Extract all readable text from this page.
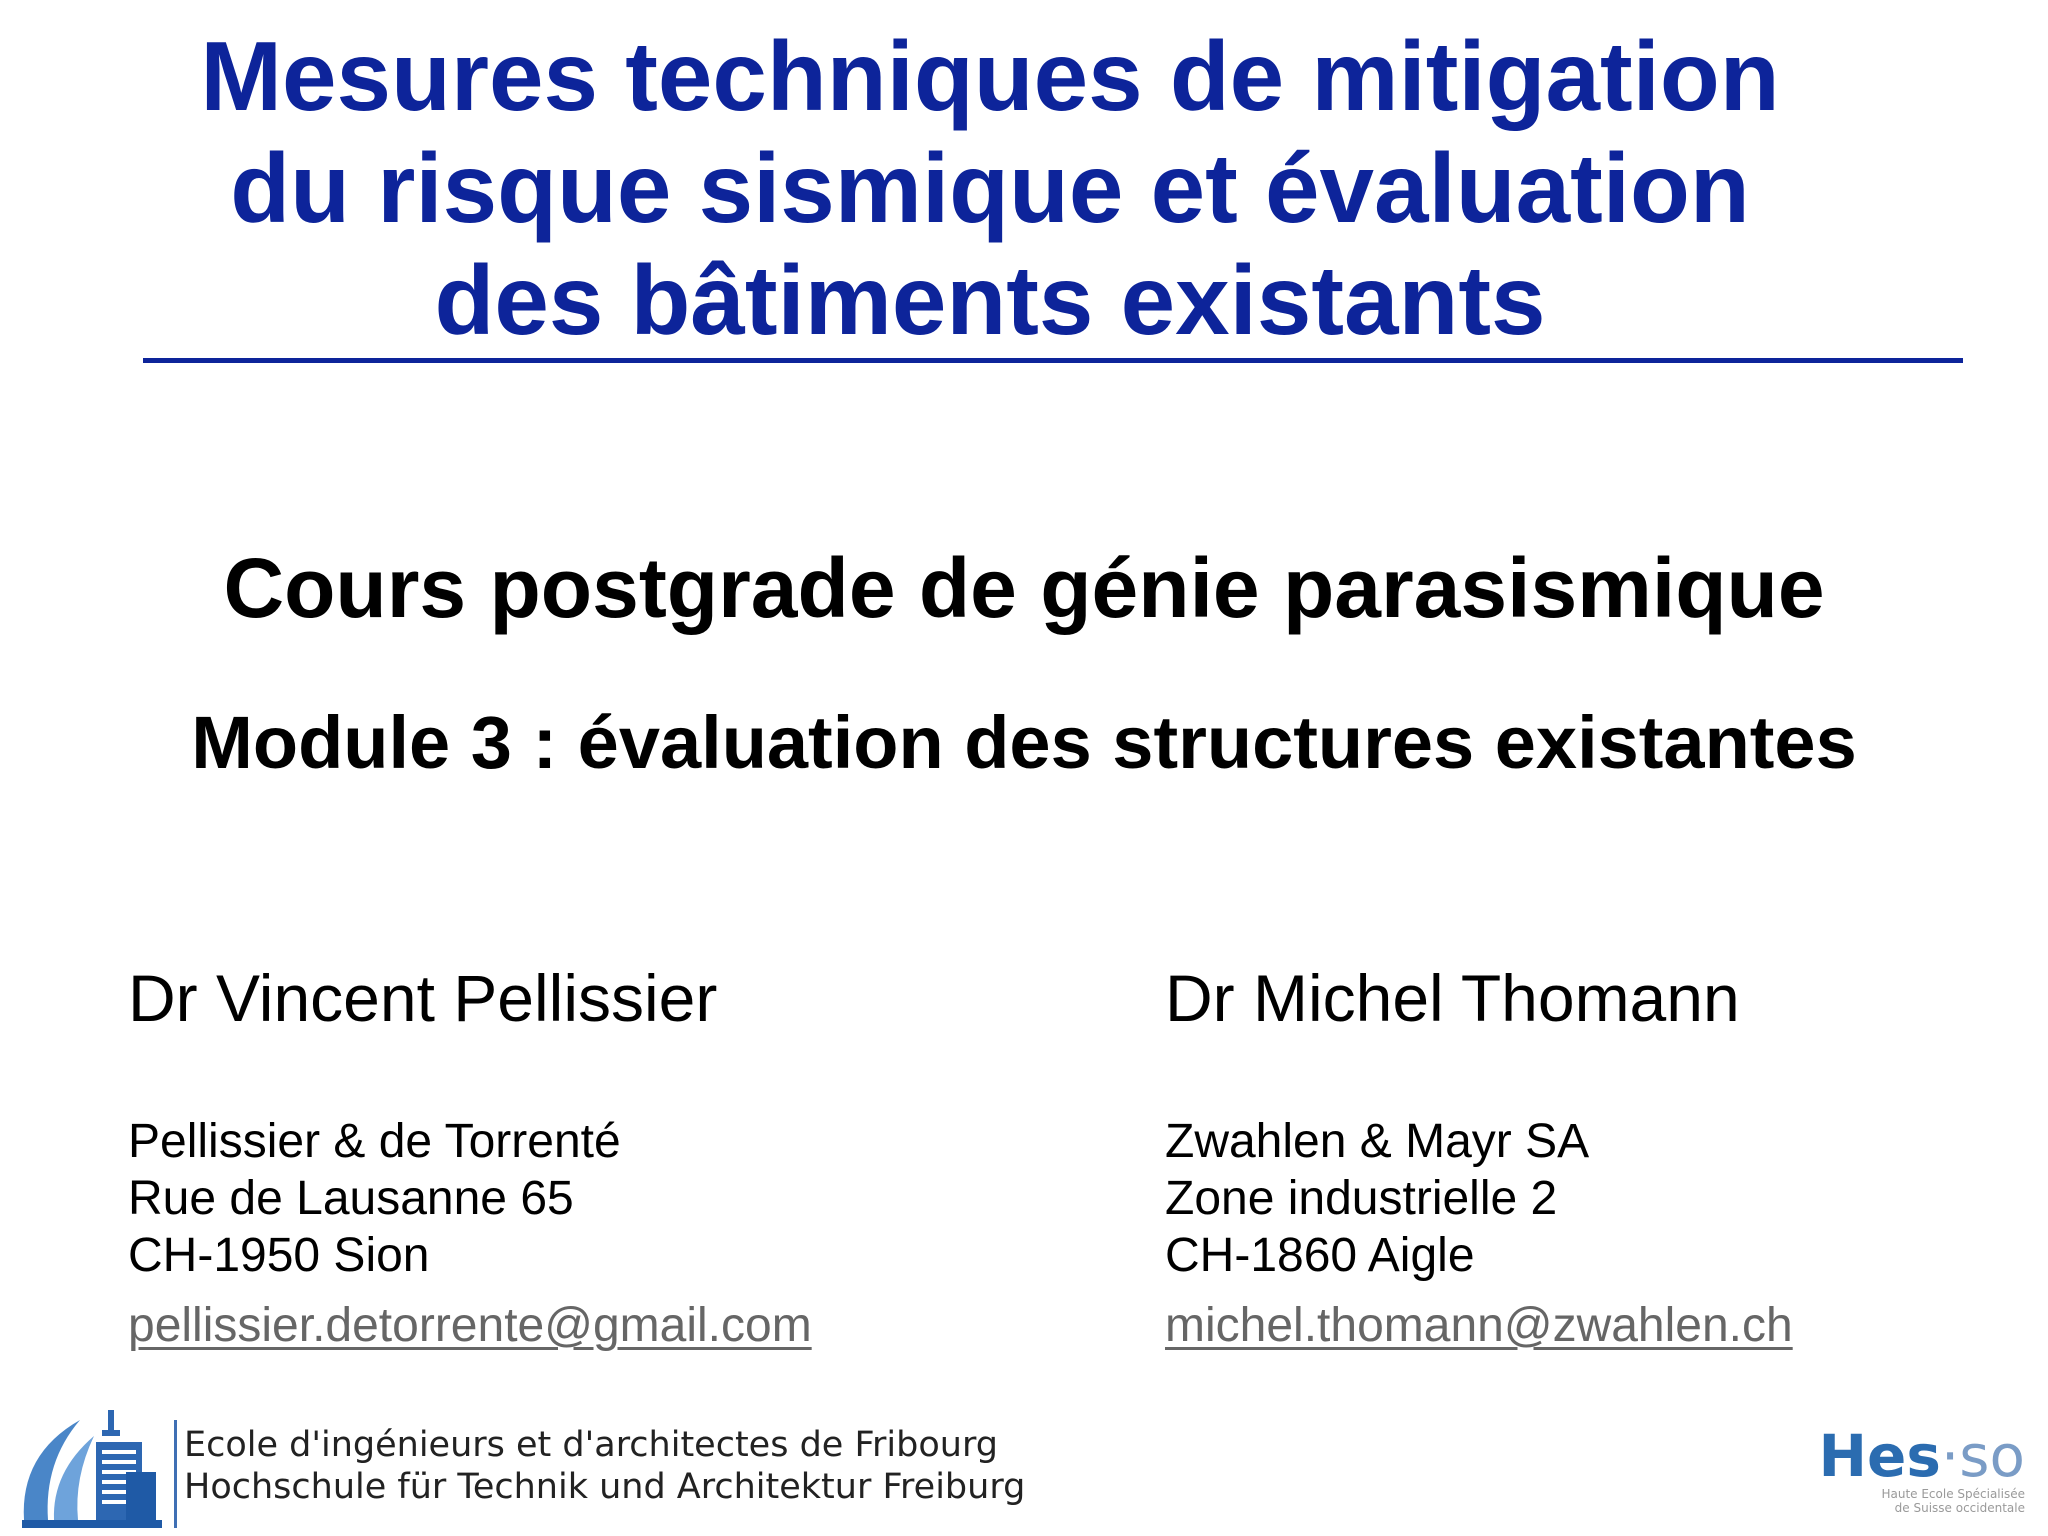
Mesures techniques de mitigation
du risque sismique et évaluation
des bâtiments existants
Cours postgrade de génie parasismique
Module 3 : évaluation des structures existantes
Dr Vincent Pellissier
Pellissier & de Torrenté
Rue de Lausanne 65
CH-1950 Sion
pellissier.detorrente@gmail.com
Dr Michel Thomann
Zwahlen & Mayr SA
Zone industrielle 2
CH-1860 Aigle
michel.thomann@zwahlen.ch
Ecole d'ingénieurs et d'architectes de Fribourg
Hochschule für Technik und Architektur Freiburg	Hes·so
Haute Ecole Spécialisée
de Suisse occidentale
